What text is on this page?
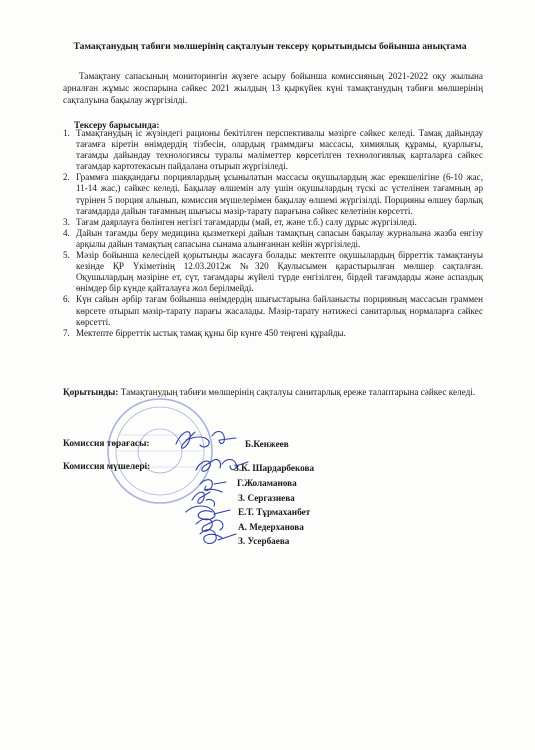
Тамақтанудың табиғи мөлшерінің сақталуын тексеру қорытындысы бойынша анықтама

Тамақтану сапасының мониторингін жүзеге асыру бойынша комиссияның 2021-2022 оқу жылына арналған жұмыс жоспарына сәйкес 2021 жылдың 13 қыркүйек күні тамақтанудың табиғи мөлшерінің сақталуына бақылау жүргізілді.

Тексеру барысында:
1. Тамақтанудың іс жүзіндегі рационы бекітілген перспективалы мәзірге сәйкес келеді. Тамақ дайындау тағамға кіретін өнімдердің тізбесін, олардың граммдағы массасы, химиялық құрамы, қуарлығы, тағамды дайындау технологиясы туралы мәліметтер көрсетілген технологиялық карталарға сәйкес тағамдар картотекасын пайдалана отырып жүргізіледі.
2. Граммға шаққандағы порциялардың ұсынылатын массасы оқушылардың жас ерекшелігіне (6-10 жас, 11-14 жас,) сәйкес келеді. Бақылау өлшемін алу үшін оқушылардың түскі ас үстелінен тағамның әр түрінен 5 порция алынып, комиссия мүшелерімен бақылау өлшемі жүргізілді. Порцияны өлшеу барлық тағамдарда дайын тағамның шығысы мәзір-тарату парағына сәйкес келетінін көрсетті.
3. Тағам даярлауға бөлінген негізгі тағамдарды (май, ет, және т.б.) салу дұрыс жүргізіледі.
4. Дайын тағамды беру медицина қызметкері дайын тамақтың сапасын бақылау журналына жазба енгізу арқылы дайын тамақтың сапасына сынама алынғаннан кейін жүргізіледі.
5. Мәзір бойынша келесідей қорытынды жасауға болады: мектепте оқушылардың бірреттік тамақтануы кезінде ҚР Үкіметінің 12.03.2012ж №320 Қаулысымен қарастырылған мөлшер сақталған. Оқушылардың мәзіріне ет, сүт, тағамдары жүйелі түрде енгізілген, бірдей тағамдарды және аспаздық өнімдер бір күнде қайталауға жол берілмейді.
6. Күн сайын әрбір тағам бойынша өнімдердің шығыстарына байланысты порцияның массасын граммен көрсете отырып мәзір-тарату парағы жасалады. Мәзір-тарату нәтижесі санитарлық нормаларға сәйкес көрсетті.
7. Мектепте бірреттік ыстық тамақ құны бір күнге 450 теңгені құрайды.

Қорытынды: Тамақтанудың табиғи мөлшерінің сақталуы санитарлық ереже талаптарына сәйкес келеді.

Комиссия төрағасы:	Б.Кенжеев
Комиссия мүшелері:	З.К. Шардарбекова
Г.Жоламанова
З. Сергазиева
Е.Т. Тұрмаханбет
А. Медерханова
З. Усербаева
